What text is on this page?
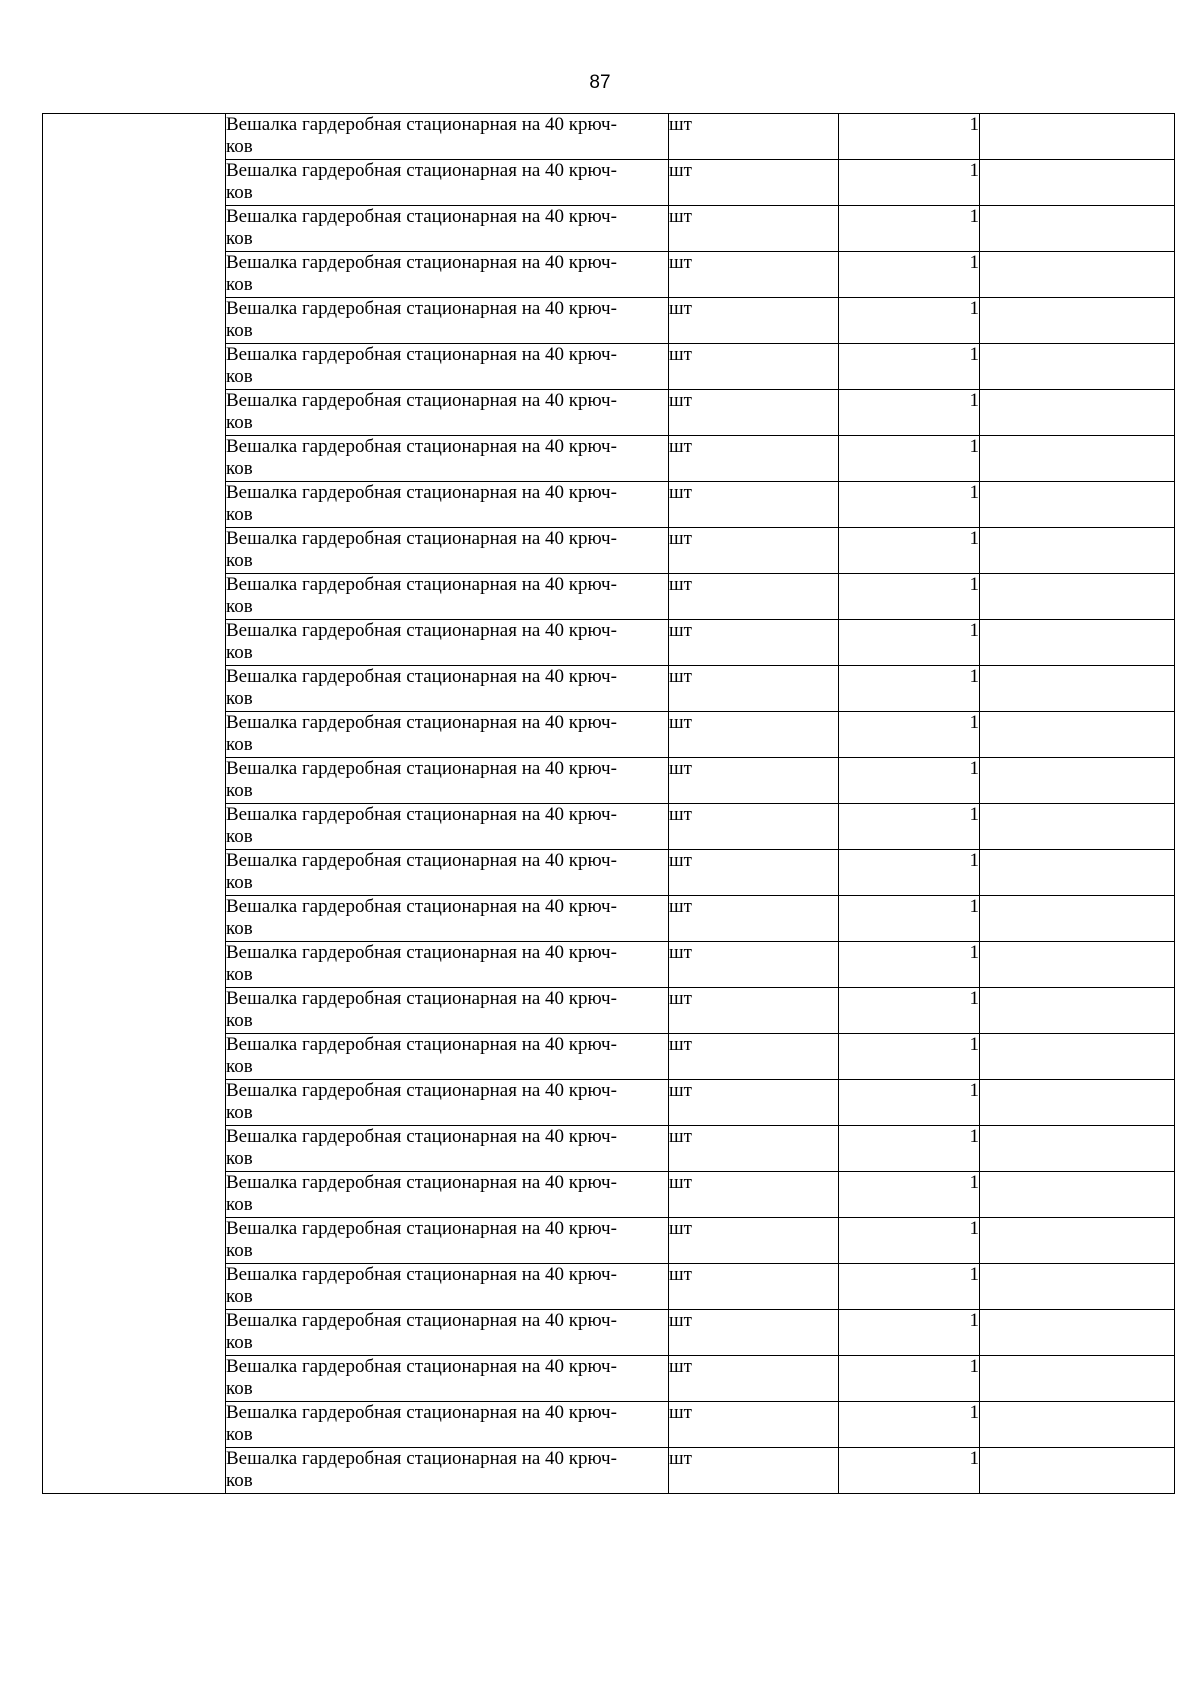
87

	Вешалка гардеробная стационарная на 40 крюч-
ков	шт	1	

	Вешалка гардеробная стационарная на 40 крюч-
ков	шт	1	

	Вешалка гардеробная стационарная на 40 крюч-
ков	шт	1	

	Вешалка гардеробная стационарная на 40 крюч-
ков	шт	1	

	Вешалка гардеробная стационарная на 40 крюч-
ков	шт	1	

	Вешалка гардеробная стационарная на 40 крюч-
ков	шт	1	

	Вешалка гардеробная стационарная на 40 крюч-
ков	шт	1	

	Вешалка гардеробная стационарная на 40 крюч-
ков	шт	1	

	Вешалка гардеробная стационарная на 40 крюч-
ков	шт	1	

	Вешалка гардеробная стационарная на 40 крюч-
ков	шт	1	

	Вешалка гардеробная стационарная на 40 крюч-
ков	шт	1	

	Вешалка гардеробная стационарная на 40 крюч-
ков	шт	1	

	Вешалка гардеробная стационарная на 40 крюч-
ков	шт	1	

	Вешалка гардеробная стационарная на 40 крюч-
ков	шт	1	

	Вешалка гардеробная стационарная на 40 крюч-
ков	шт	1	

	Вешалка гардеробная стационарная на 40 крюч-
ков	шт	1	

	Вешалка гардеробная стационарная на 40 крюч-
ков	шт	1	

	Вешалка гардеробная стационарная на 40 крюч-
ков	шт	1	

	Вешалка гардеробная стационарная на 40 крюч-
ков	шт	1	

	Вешалка гардеробная стационарная на 40 крюч-
ков	шт	1	

	Вешалка гардеробная стационарная на 40 крюч-
ков	шт	1	

	Вешалка гардеробная стационарная на 40 крюч-
ков	шт	1	

	Вешалка гардеробная стационарная на 40 крюч-
ков	шт	1	

	Вешалка гардеробная стационарная на 40 крюч-
ков	шт	1	

	Вешалка гардеробная стационарная на 40 крюч-
ков	шт	1	

	Вешалка гардеробная стационарная на 40 крюч-
ков	шт	1	

	Вешалка гардеробная стационарная на 40 крюч-
ков	шт	1	

	Вешалка гардеробная стационарная на 40 крюч-
ков	шт	1	

	Вешалка гардеробная стационарная на 40 крюч-
ков	шт	1	

	Вешалка гардеробная стационарная на 40 крюч-
ков	шт	1	
